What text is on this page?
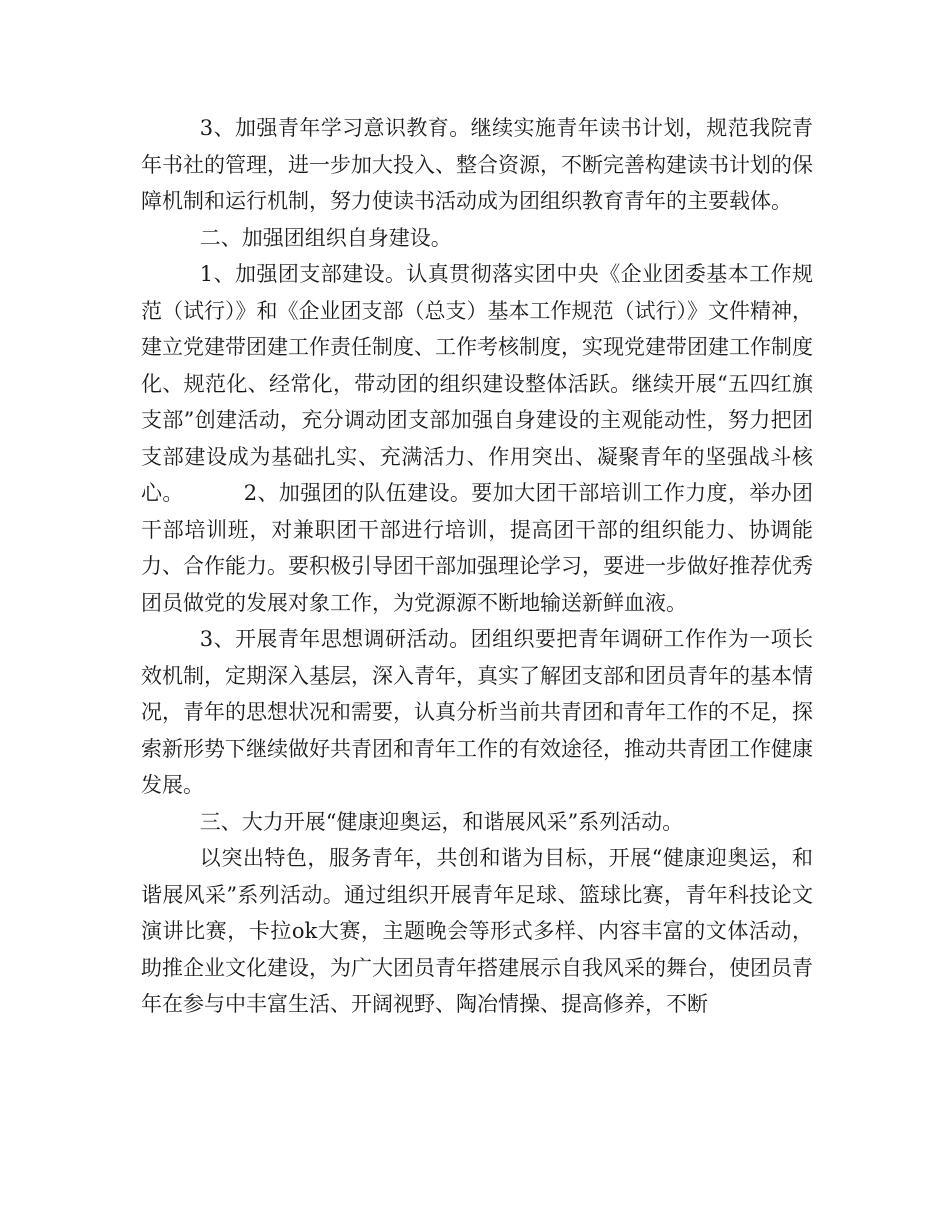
3、加强青年学习意识教育。继续实施青年读书计划，规范我院青年书社的管理，进一步加大投入、整合资源，不断完善构建读书计划的保障机制和运行机制，努力使读书活动成为团组织教育青年的主要载体。

二、加强团组织自身建设。

1、加强团支部建设。认真贯彻落实团中央《企业团委基本工作规范（试行）》和《企业团支部（总支）基本工作规范（试行）》文件精神，建立党建带团建工作责任制度、工作考核制度，实现党建带团建工作制度化、规范化、经常化，带动团的组织建设整体活跃。继续开展“五四红旗支部”创建活动，充分调动团支部加强自身建设的主观能动性，努力把团支部建设成为基础扎实、充满活力、作用突出、凝聚青年的坚强战斗核心。	2、加强团的队伍建设。要加大团干部培训工作力度，举办团干部培训班，对兼职团干部进行培训，提高团干部的组织能力、协调能力、合作能力。要积极引导团干部加强理论学习，要进一步做好推荐优秀团员做党的发展对象工作，为党源源不断地输送新鲜血液。

3、开展青年思想调研活动。团组织要把青年调研工作作为一项长效机制，定期深入基层，深入青年，真实了解团支部和团员青年的基本情况，青年的思想状况和需要，认真分析当前共青团和青年工作的不足，探索新形势下继续做好共青团和青年工作的有效途径，推动共青团工作健康发展。

三、大力开展“健康迎奥运，和谐展风采”系列活动。

以突出特色，服务青年，共创和谐为目标，开展“健康迎奥运，和谐展风采”系列活动。通过组织开展青年足球、篮球比赛，青年科技论文演讲比赛，卡拉ok大赛，主题晚会等形式多样、内容丰富的文体活动，助推企业文化建设，为广大团员青年搭建展示自我风采的舞台，使团员青年在参与中丰富生活、开阔视野、陶冶情操、提高修养，不断
